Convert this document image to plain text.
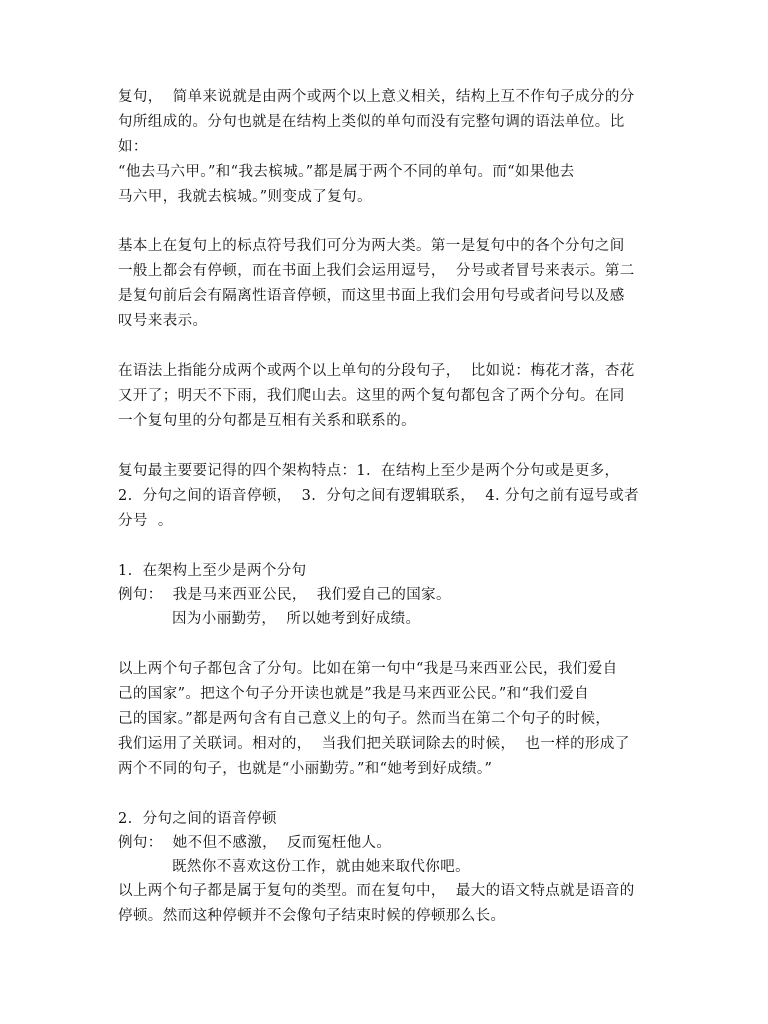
复句，  简单来说就是由两个或两个以上意义相关，结构上互不作句子成分的分
句所组成的。分句也就是在结构上类似的单句而没有完整句调的语法单位。比
如：
“他去马六甲。”和“我去槟城。”都是属于两个不同的单句。而“如果他去
马六甲，我就去槟城。”则变成了复句。
基本上在复句上的标点符号我们可分为两大类。第一是复句中的各个分句之间
一般上都会有停顿，而在书面上我们会运用逗号，  分号或者冒号来表示。第二
是复句前后会有隔离性语音停顿，而这里书面上我们会用句号或者问号以及感
叹号来表示。
在语法上指能分成两个或两个以上单句的分段句子，  比如说：梅花才落，杏花
又开了；明天不下雨，我们爬山去。这里的两个复句都包含了两个分句。在同
一个复句里的分句都是互相有关系和联系的。
复句最主要要记得的四个架构特点：1.  在结构上至少是两个分句或是更多，
2.  分句之间的语音停顿，  3.  分句之间有逻辑联系，  4. 分句之前有逗号或者
分号  。
1.  在架构上至少是两个分句
例句：  我是马来西亚公民，  我们爱自己的国家。
因为小丽勤劳，  所以她考到好成绩。
以上两个句子都包含了分句。比如在第一句中“我是马来西亚公民，我们爱自
己的国家”。把这个句子分开读也就是”我是马来西亚公民。”和“我们爱自
己的国家。”都是两句含有自己意义上的句子。然而当在第二个句子的时候，
我们运用了关联词。相对的，  当我们把关联词除去的时候，  也一样的形成了
两个不同的句子，也就是“小丽勤劳。”和“她考到好成绩。”
2.  分句之间的语音停顿
例句：  她不但不感激，  反而冤枉他人。
既然你不喜欢这份工作，就由她来取代你吧。
以上两个句子都是属于复句的类型。而在复句中，  最大的语文特点就是语音的
停顿。然而这种停顿并不会像句子结束时候的停顿那么长。
